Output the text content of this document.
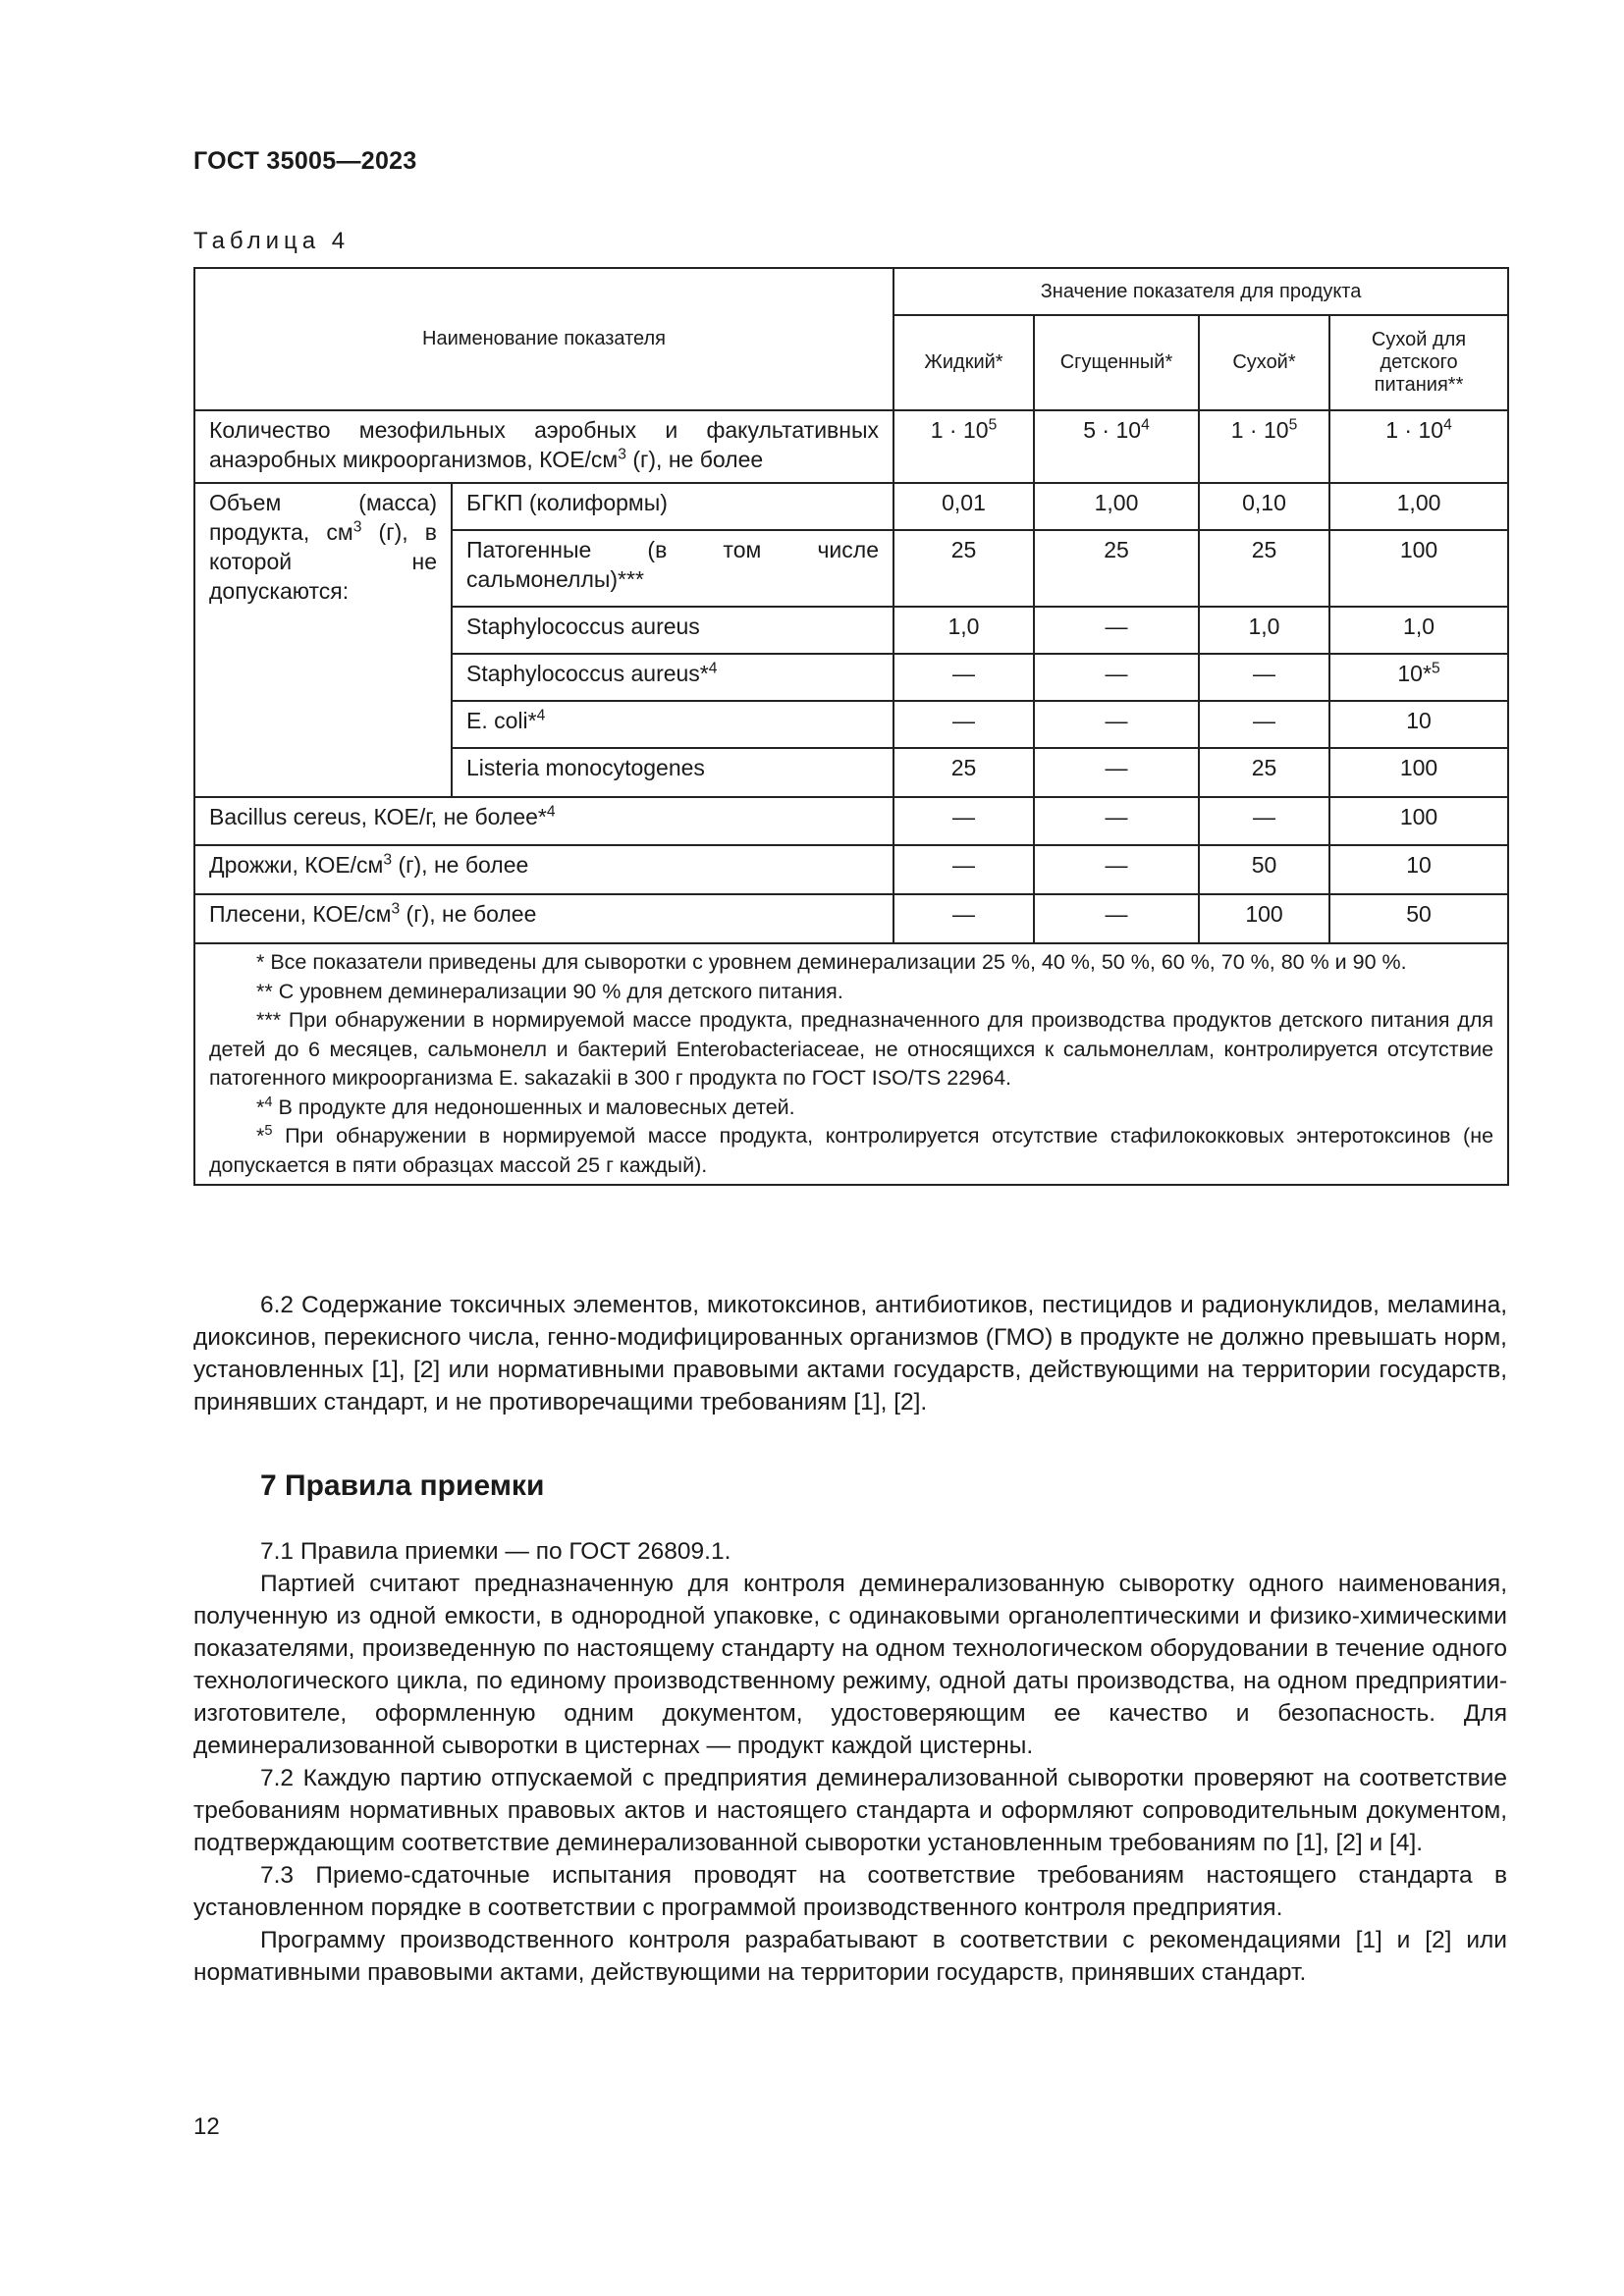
ГОСТ 35005—2023
Таблица 4
Наименование показателя		Значение показателя для продукта			
		Жидкий*	Сгущенный*	Сухой*	Сухой для детского питания**
Количество мезофильных аэробных и факультативных анаэробных микроорганизмов, КОЕ/$см^3$ (г), не более		$1 \cdot 10^5$	$5 \cdot 10^4$	$1 \cdot 10^5$	$1 \cdot 10^4$
Объем (масса) продукта, $см^3$ (г), в которой не допускаются:	БГКП (колиформы)	0,01	1,00	0,10	1,00
	Патогенные (в том числе сальмонеллы)***	25	25	25	100
	Staphylococcus aureus	1,0	—	1,0	1,0
	Staphylococcus aureus*$^4$	—	—	—	10*$^5$
	E. coli*$^4$	—	—	—	10
	Listeria monocytogenes	25	—	25	100
Bacillus cereus, КОЕ/г, не более*$^4$		—	—	—	100
Дрожжи, КОЕ/$см^3$ (г), не более		—	—	50	10
Плесени, КОЕ/$см^3$ (г), не более		—	—	100	50

* Все показатели приведены для сыворотки с уровнем деминерализации 25 %, 40 %, 50 %, 60 %, 70 %, 80 % и 90 %.
** С уровнем деминерализации 90 % для детского питания.
*** При обнаружении в нормируемой массе продукта, предназначенного для производства продуктов детского питания для детей до 6 месяцев, сальмонелл и бактерий Enterobacteriaceae, не относящихся к сальмонеллам, контролируется отсутствие патогенного микроорганизма E. sakazakii в 300 г продукта по ГОСТ ISO/TS 22964.
*$^4$ В продукте для недоношенных и маловесных детей.
*$^5$ При обнаружении в нормируемой массе продукта, контролируется отсутствие стафилококковых энтеротоксинов (не допускается в пяти образцах массой 25 г каждый).					

6.2 Содержание токсичных элементов, микотоксинов, антибиотиков, пестицидов и радионуклидов, меламина, диоксинов, перекисного числа, генно-модифицированных организмов (ГМО) в продукте не должно превышать норм, установленных [1], [2] или нормативными правовыми актами государств, действующими на территории государств, принявших стандарт, и не противоречащими требованиям [1], [2].

7 Правила приемки

7.1 Правила приемки — по ГОСТ 26809.1.

Партией считают предназначенную для контроля деминерализованную сыворотку одного наименования, полученную из одной емкости, в однородной упаковке, с одинаковыми органолептическими и физико-химическими показателями, произведенную по настоящему стандарту на одном технологическом оборудовании в течение одного технологического цикла, по единому производственному режиму, одной даты производства, на одном предприятии-изготовителе, оформленную одним документом, удостоверяющим ее качество и безопасность. Для деминерализованной сыворотки в цистернах — продукт каждой цистерны.

7.2 Каждую партию отпускаемой с предприятия деминерализованной сыворотки проверяют на соответствие требованиям нормативных правовых актов и настоящего стандарта и оформляют сопроводительным документом, подтверждающим соответствие деминерализованной сыворотки установленным требованиям по [1], [2] и [4].

7.3 Приемо-сдаточные испытания проводят на соответствие требованиям настоящего стандарта в установленном порядке в соответствии с программой производственного контроля предприятия.

Программу производственного контроля разрабатывают в соответствии с рекомендациями [1] и [2] или нормативными правовыми актами, действующими на территории государств, принявших стандарт.

12
